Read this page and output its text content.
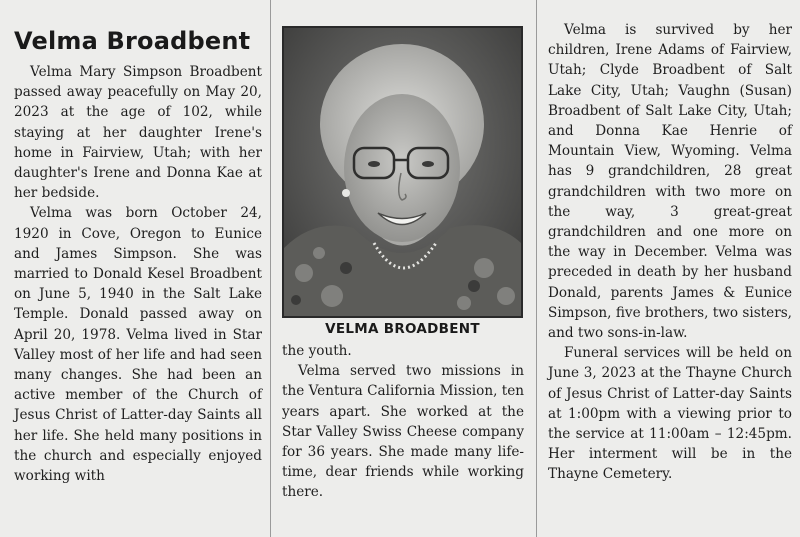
Velma Broadbent

Velma Mary Simpson Broadbent passed away peacefully on May 20, 2023 at the age of 102, while staying at her daughter Irene's home in Fairview, Utah; with her daughter's Irene and Donna Kae at her bedside.

Velma was born October 24, 1920 in Cove, Oregon to Eunice and James Simpson. She was married to Donald Kesel Broadbent on June 5, 1940 in the Salt Lake Temple. Donald passed away on April 20, 1978. Velma lived in Star Valley most of her life and had seen many changes. She had been an active member of the Church of Jesus Christ of Latter-day Saints all her life. She held many positions in the church and especially enjoyed working with

VELMA BROADBENT

the youth.

Velma served two missions in the Ventura California Mission, ten years apart. She worked at the Star Valley Swiss Cheese company for 36 years. She made many life-time, dear friends while working there.

Velma is survived by her children, Irene Adams of Fairview, Utah; Clyde Broadbent of Salt Lake City, Utah; Vaughn (Susan) Broadbent of Salt Lake City, Utah; and Donna Kae Henrie of Mountain View, Wyoming. Velma has 9 grandchildren, 28 great grandchildren with two more on the way, 3 great-great grandchildren and one more on the way in December. Velma was preceded in death by her husband Donald, parents James & Eunice Simpson, five brothers, two sisters, and two sons-in-law.

Funeral services will be held on June 3, 2023 at the Thayne Church of Jesus Christ of Latter-day Saints at 1:00pm with a viewing prior to the service at 11:00am – 12:45pm. Her interment will be in the Thayne Cemetery.
